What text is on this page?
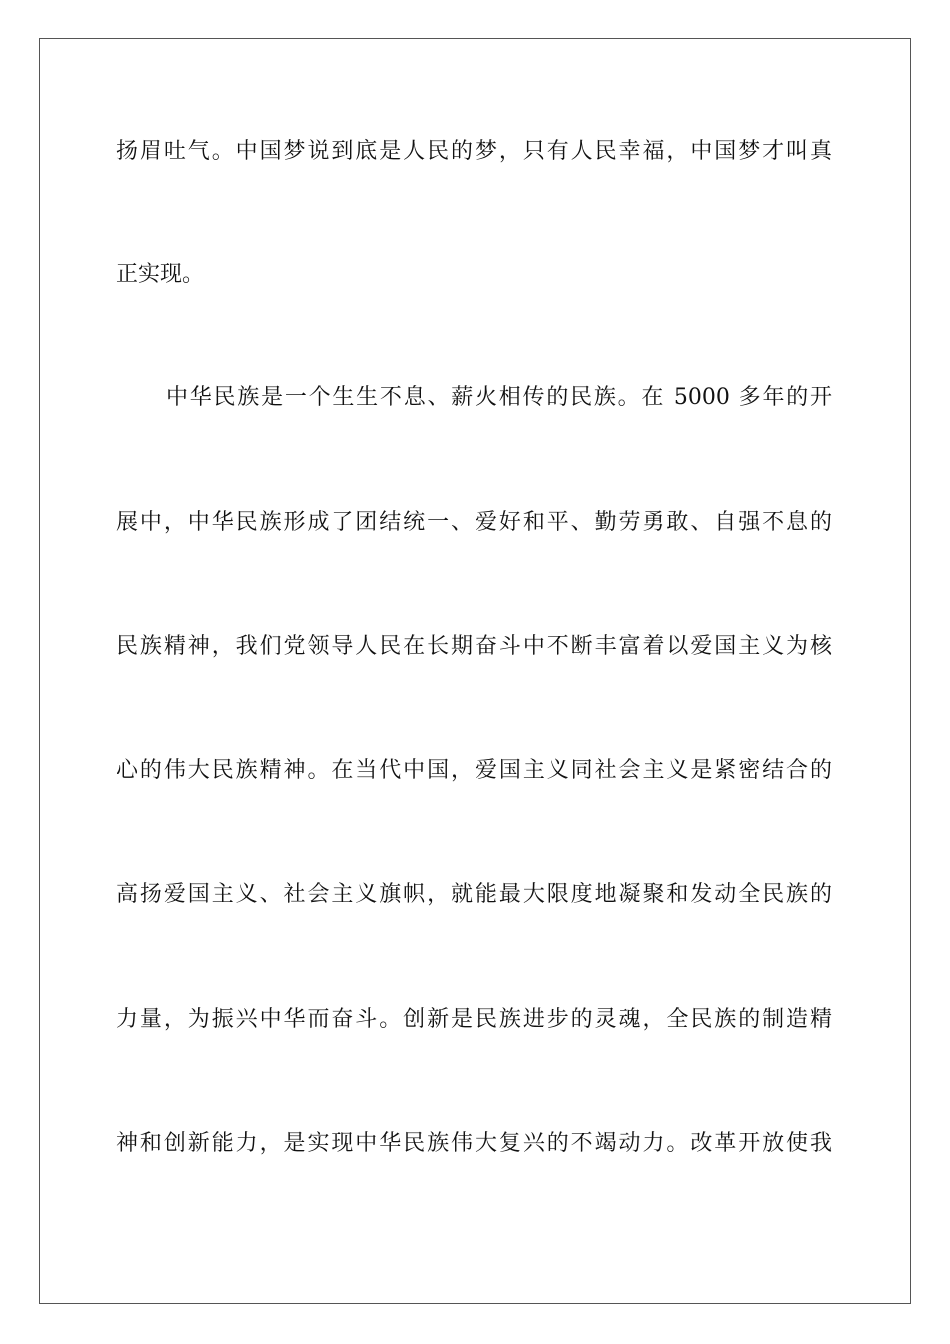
扬眉吐气。中国梦说到底是人民的梦，只有人民幸福，中国梦才叫真

正实现。

中华民族是一个生生不息、薪火相传的民族。在 5000 多年的开

展中，中华民族形成了团结统一、爱好和平、勤劳勇敢、自强不息的

民族精神，我们党领导人民在长期奋斗中不断丰富着以爱国主义为核

心的伟大民族精神。在当代中国，爱国主义同社会主义是紧密结合的

高扬爱国主义、社会主义旗帜，就能最大限度地凝聚和发动全民族的

力量，为振兴中华而奋斗。创新是民族进步的灵魂，全民族的制造精

神和创新能力，是实现中华民族伟大复兴的不竭动力。改革开放使我
